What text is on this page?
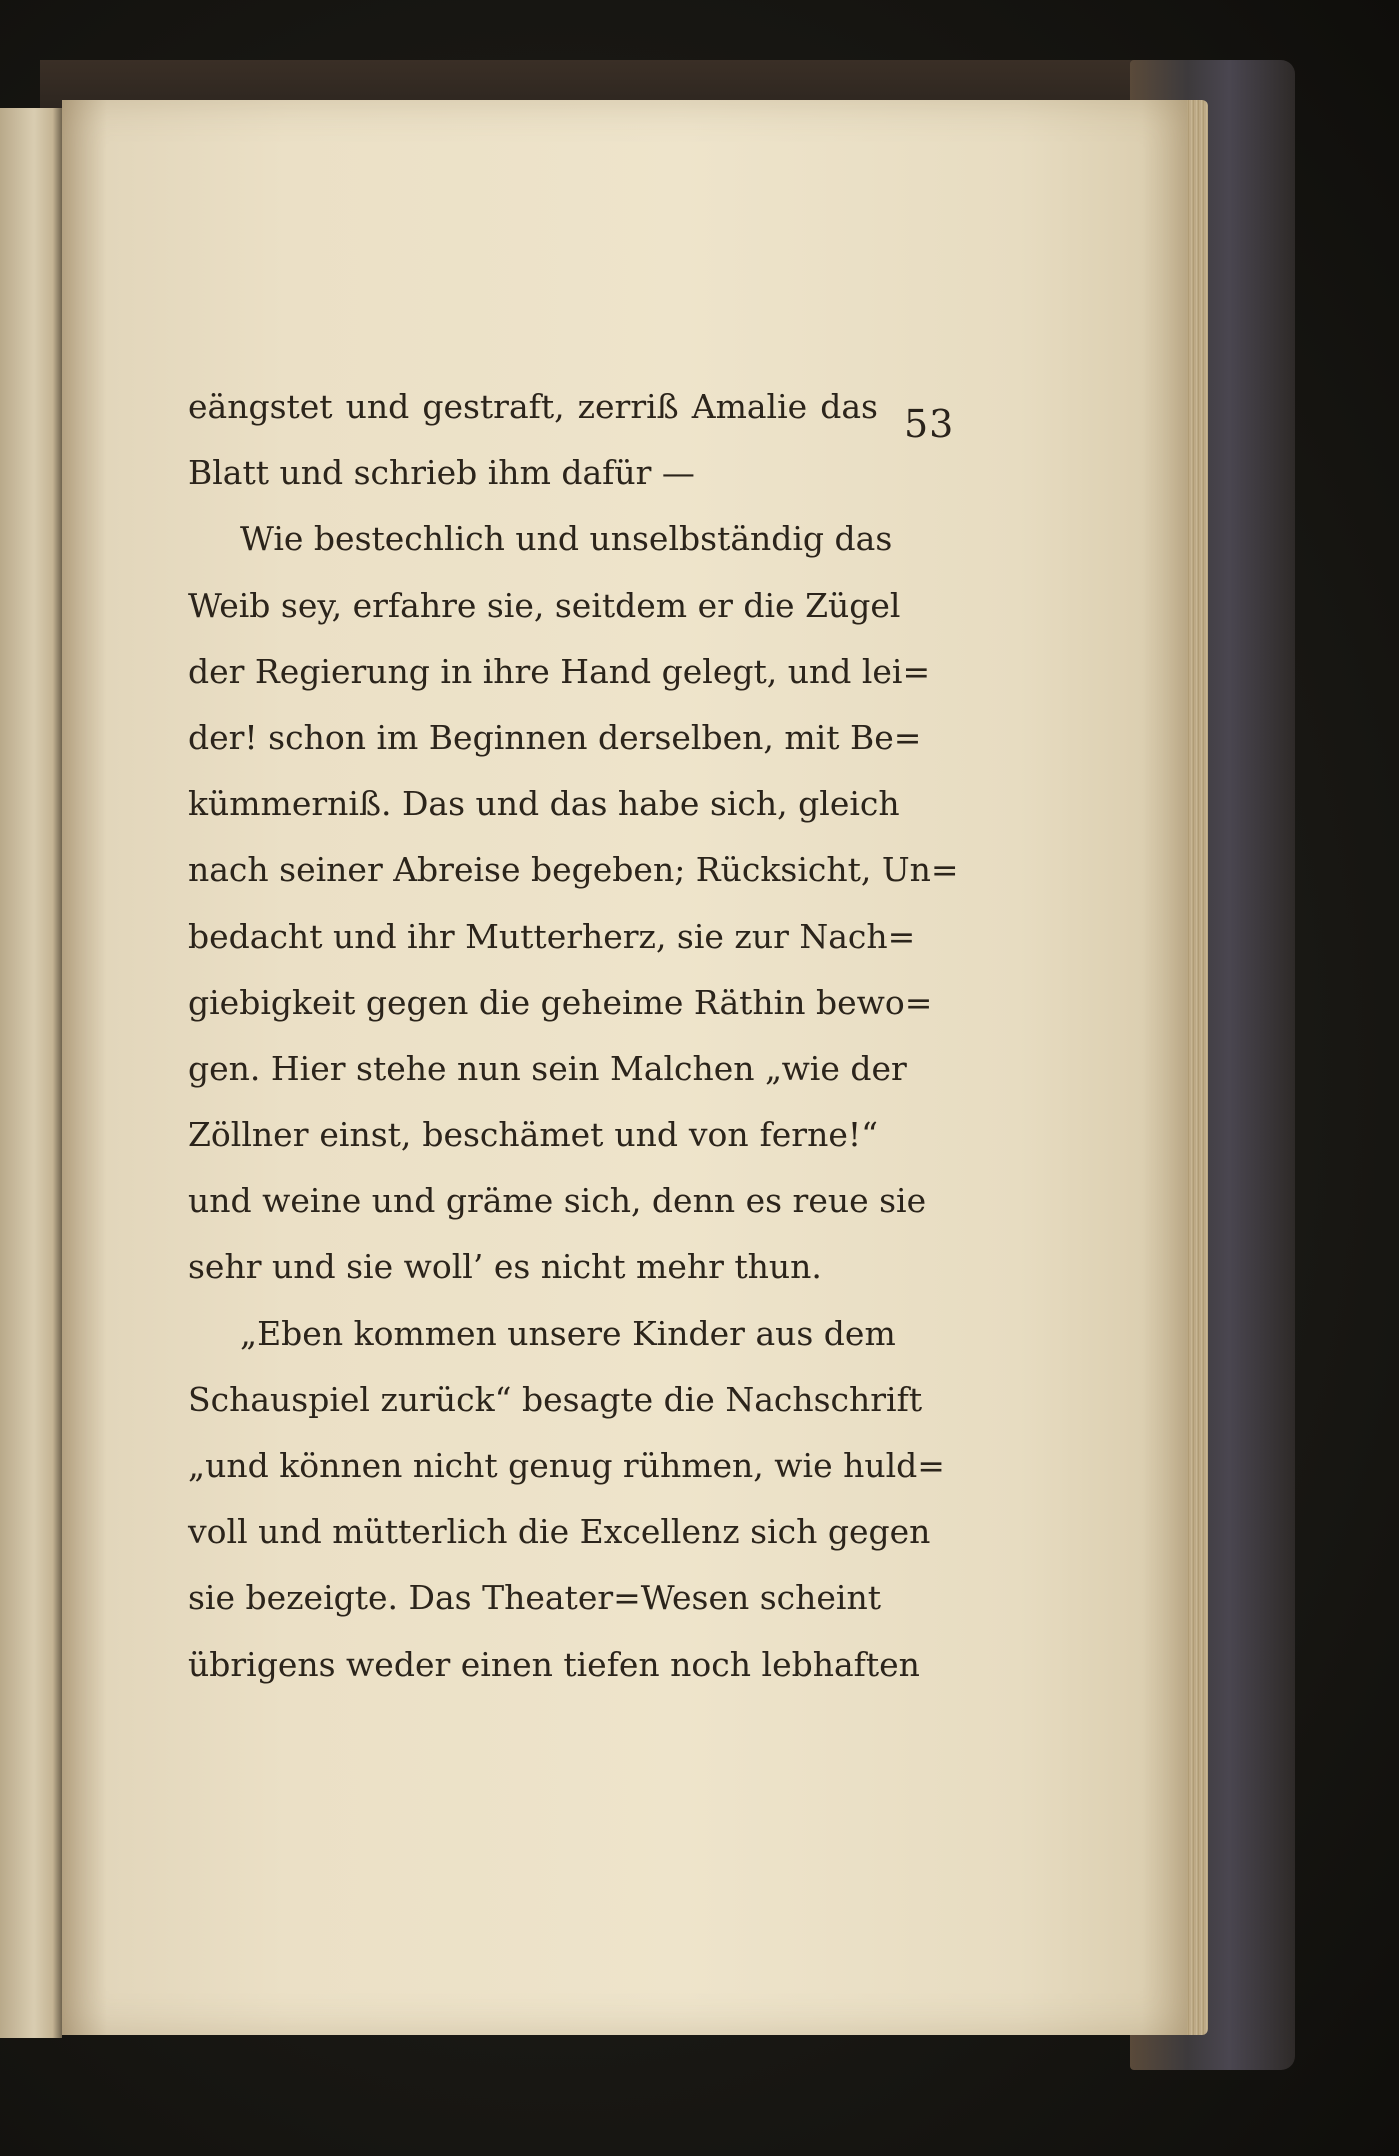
53
eängstet und gestraft, zerriß Amalie das
Blatt und schrieb ihm dafür —
Wie bestechlich und unselbständig das
Weib sey, erfahre sie, seitdem er die Zügel
der Regierung in ihre Hand gelegt, und lei=
der! schon im Beginnen derselben, mit Be=
kümmerniß. Das und das habe sich, gleich
nach seiner Abreise begeben; Rücksicht, Un=
bedacht und ihr Mutterherz, sie zur Nach=
giebigkeit gegen die geheime Räthin bewo=
gen. Hier stehe nun sein Malchen „wie der
Zöllner einst, beschämet und von ferne!“
und weine und gräme sich, denn es reue sie
sehr und sie woll’ es nicht mehr thun.
„Eben kommen unsere Kinder aus dem
Schauspiel zurück“ besagte die Nachschrift
„und können nicht genug rühmen, wie huld=
voll und mütterlich die Excellenz sich gegen
sie bezeigte. Das Theater=Wesen scheint
übrigens weder einen tiefen noch lebhaften
